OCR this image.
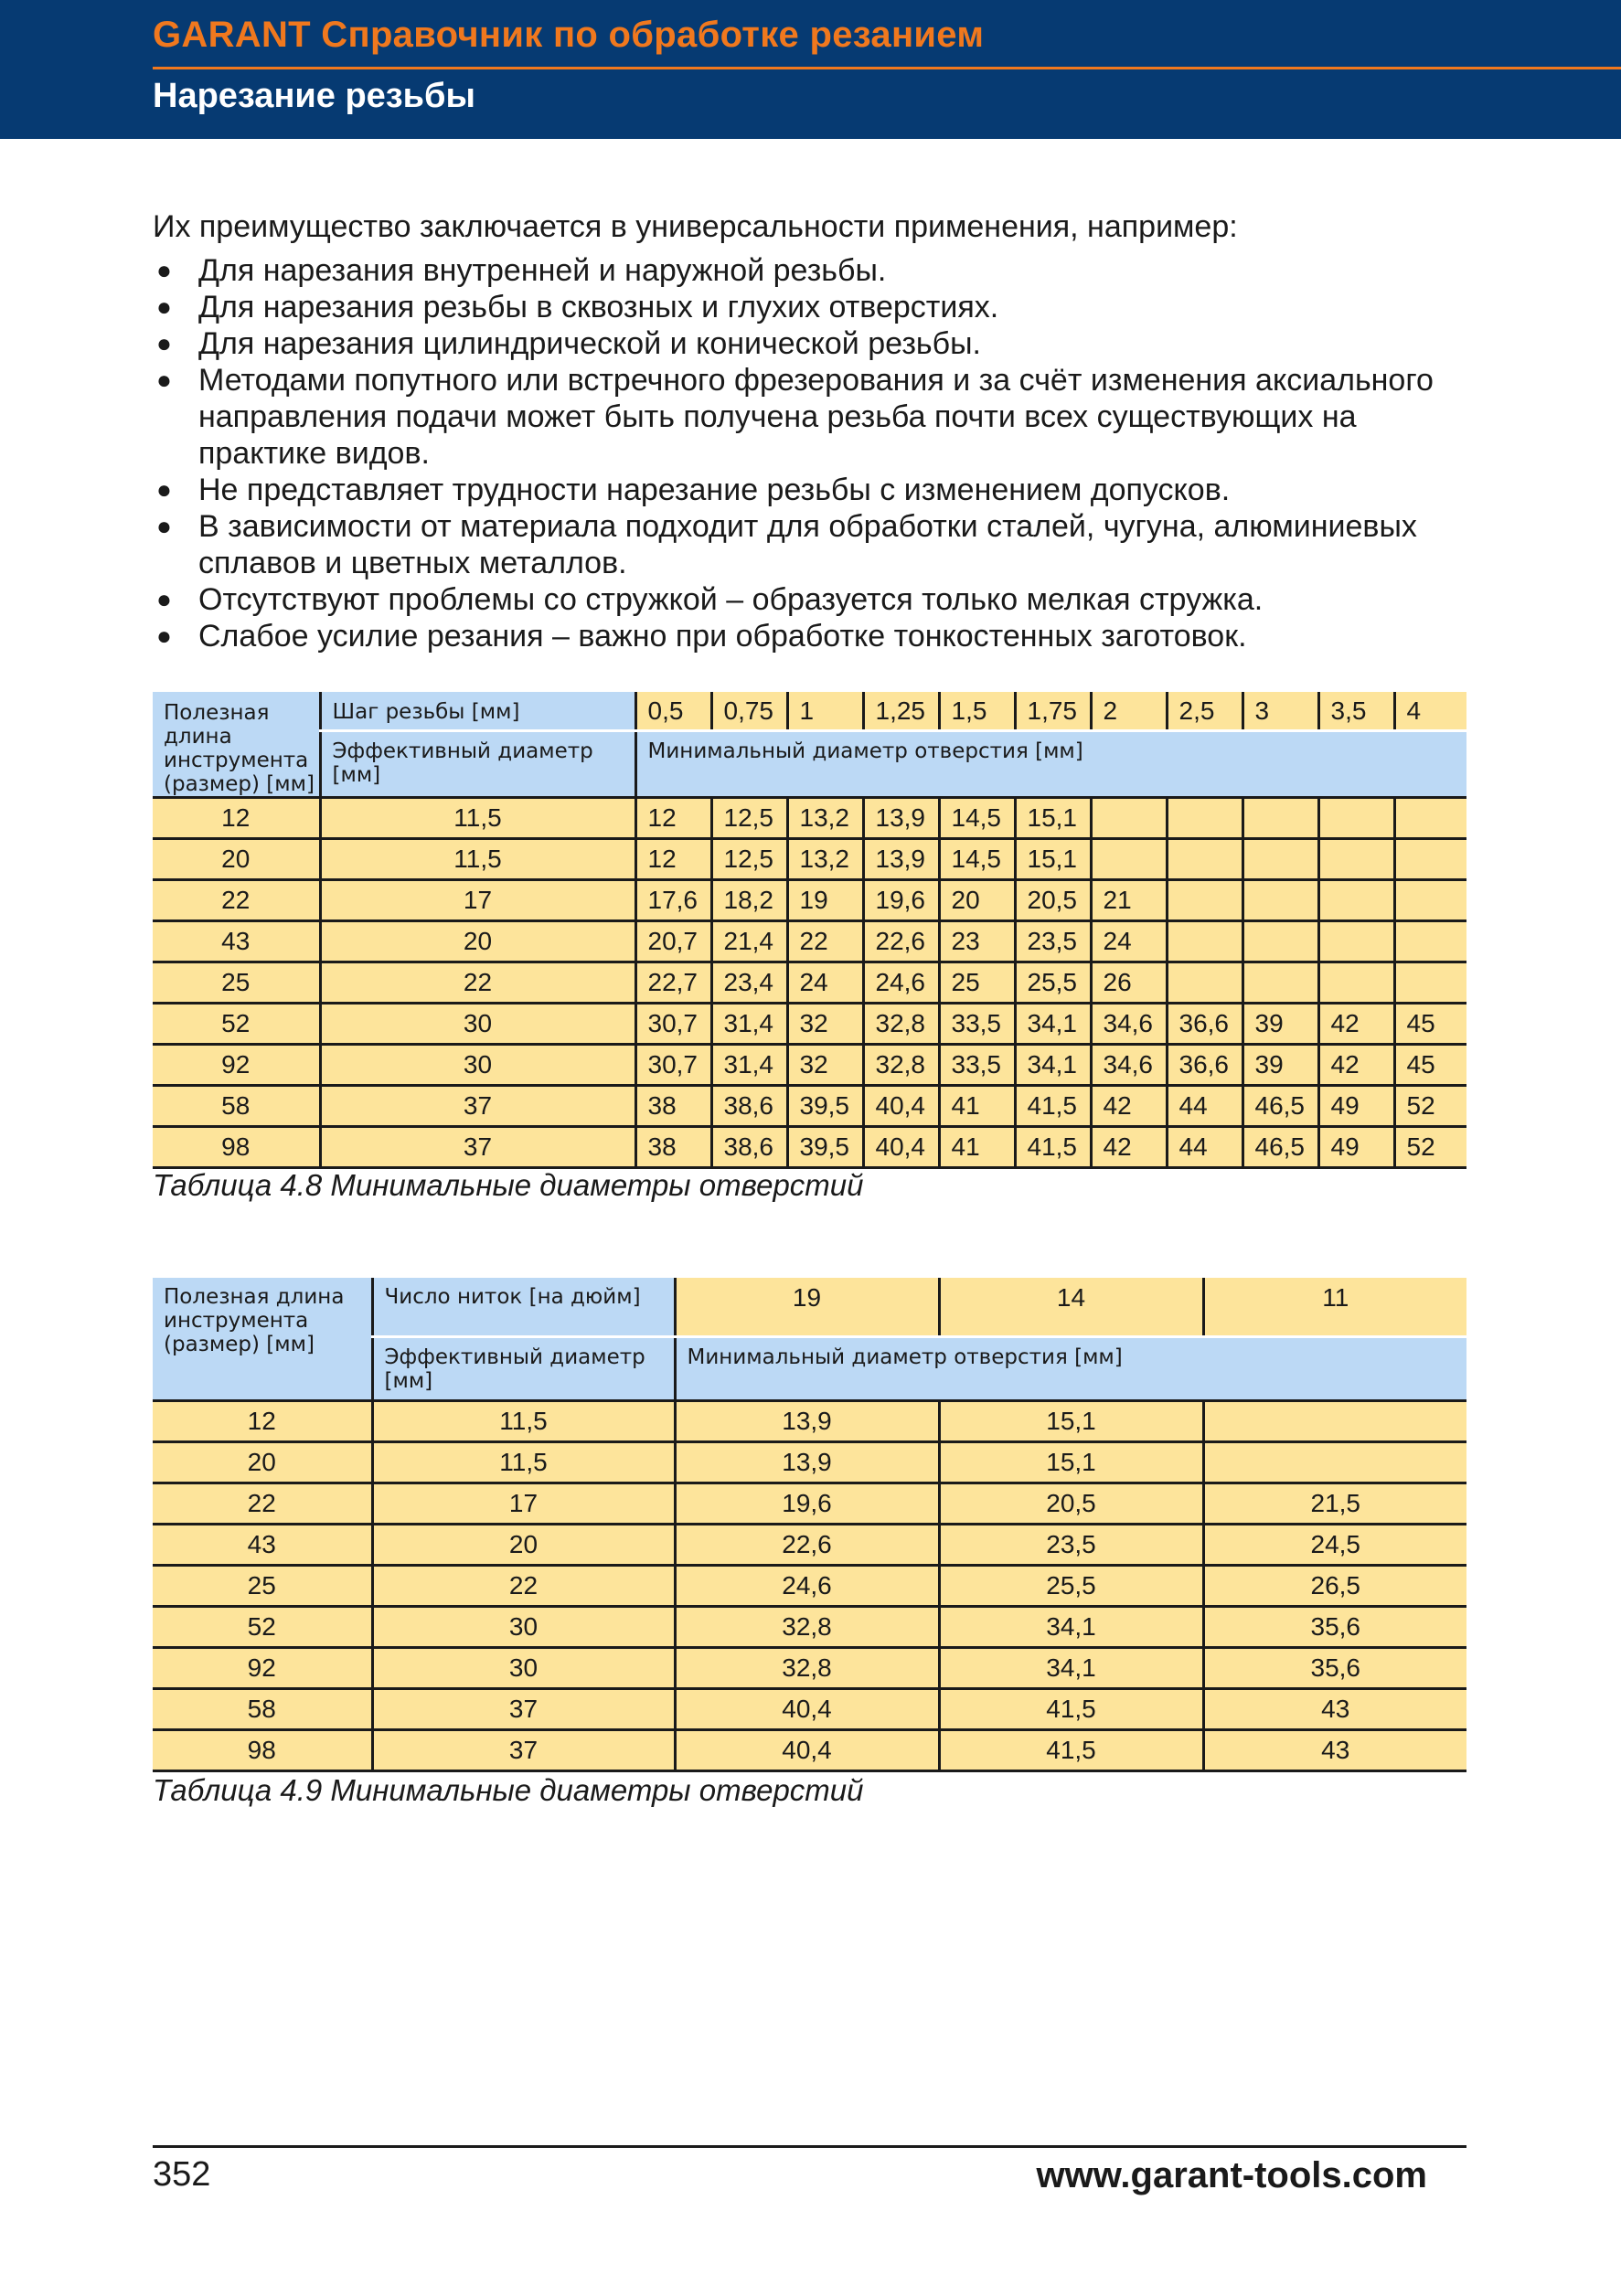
GARANT Справочник по обработке резанием
Нарезание резьбы

Их преимущество заключается в универсальности применения, например:

● Для нарезания внутренней и наружной резьбы.
● Для нарезания резьбы в сквозных и глухих отверстиях.
● Для нарезания цилиндрической и конической резьбы.
● Методами попутного или встречного фрезерования и за счёт изменения аксиального направления подачи может быть получена резьба почти всех существующих на практике видов.
● Не представляет трудности нарезание резьбы с изменением допусков.
● В зависимости от материала подходит для обработки сталей, чугуна, алюминиевых сплавов и цветных металлов.
● Отсутствуют проблемы со стружкой – образуется только мелкая стружка.
● Слабое усилие резания – важно при обработке тонкостенных заготовок.
Полезная длина инструмента (размер) [мм]	Шаг резьбы [мм]	0,5	0,75	1	1,25	1,5	1,75	2	2,5	3	3,5	4
	Эффективный диаметр [мм]	Минимальный диаметр отверстия [мм]										
12	11,5	12	12,5	13,2	13,9	14,5	15,1					
20	11,5	12	12,5	13,2	13,9	14,5	15,1					
22	17	17,6	18,2	19	19,6	20	20,5	21				
43	20	20,7	21,4	22	22,6	23	23,5	24				
25	22	22,7	23,4	24	24,6	25	25,5	26				
52	30	30,7	31,4	32	32,8	33,5	34,1	34,6	36,6	39	42	45
92	30	30,7	31,4	32	32,8	33,5	34,1	34,6	36,6	39	42	45
58	37	38	38,6	39,5	40,4	41	41,5	42	44	46,5	49	52
98	37	38	38,6	39,5	40,4	41	41,5	42	44	46,5	49	52
Таблица 4.8 Минимальные диаметры отверстий
Полезная длина инструмента (размер) [мм]	Число ниток [на дюйм]	19	14	11
	Эффективный диаметр [мм]	Минимальный диаметр отверстия [мм]		
12	11,5	13,9	15,1	
20	11,5	13,9	15,1	
22	17	19,6	20,5	21,5
43	20	22,6	23,5	24,5
25	22	24,6	25,5	26,5
52	30	32,8	34,1	35,6
92	30	32,8	34,1	35,6
58	37	40,4	41,5	43
98	37	40,4	41,5	43
Таблица 4.9 Минимальные диаметры отверстий
352	www.garant-tools.com
